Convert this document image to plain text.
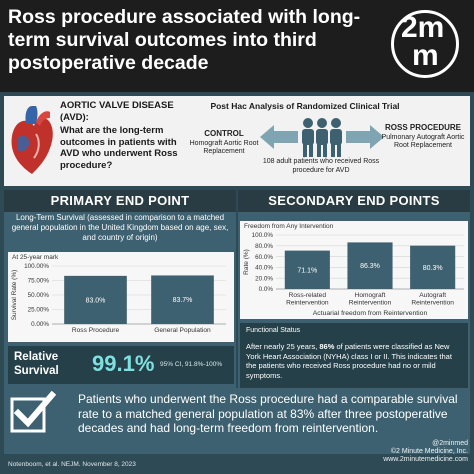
Ross procedure associated with long-term survival outcomes into third postoperative decade
2m
m
AORTIC VALVE DISEASE (AVD):
What are the long-term outcomes in patients with AVD who underwent Ross procedure?
Post Hac Analysis of Randomized Clinical Trial
CONTROL
Homograft Aortic Root Replacement
ROSS PROCEDURE
Pulmonary Autograft Aortic Root Replacement
108 adult patients who received Ross procedure for AVD
PRIMARY END POINT
Long-Term Survival (assessed in comparison to a matched general population in the United Kingdom based on age, sex, and country of origin)
At 25-year mark
Survival Rate (%)
0.00%
25.00%
50.00%
75.00%
100.00%
83.0%
Ross Procedure
83.7%
General Population
Relative Survival	99.1% 95% CI, 91.8%-100%
SECONDARY END POINTS
Freedom from Any Intervention
Rate (%)
0.0%
20.0%
40.0%
60.0%
80.0%
100.0%
71.1%
Ross-related
Reintervention
86.3%
Homograft
Reintervention
80.3%
Autograft
Reintervention
Actuarial freedom from Reintervention
Functional Status
After nearly 25 years, 86% of patients were classified as New York Heart Association (NYHA) class I or II. This indicates that the patients who received Ross procedure had no or mild symptoms.
Patients who underwent the Ross procedure had a comparable survival rate to a matched general population at 83% after three postoperative decades and had long-term freedom from reintervention.
@2minmed
©2 Minute Medicine, Inc.
www.2minutemedicine.com
Notenboom, et al. NEJM. November 8, 2023
